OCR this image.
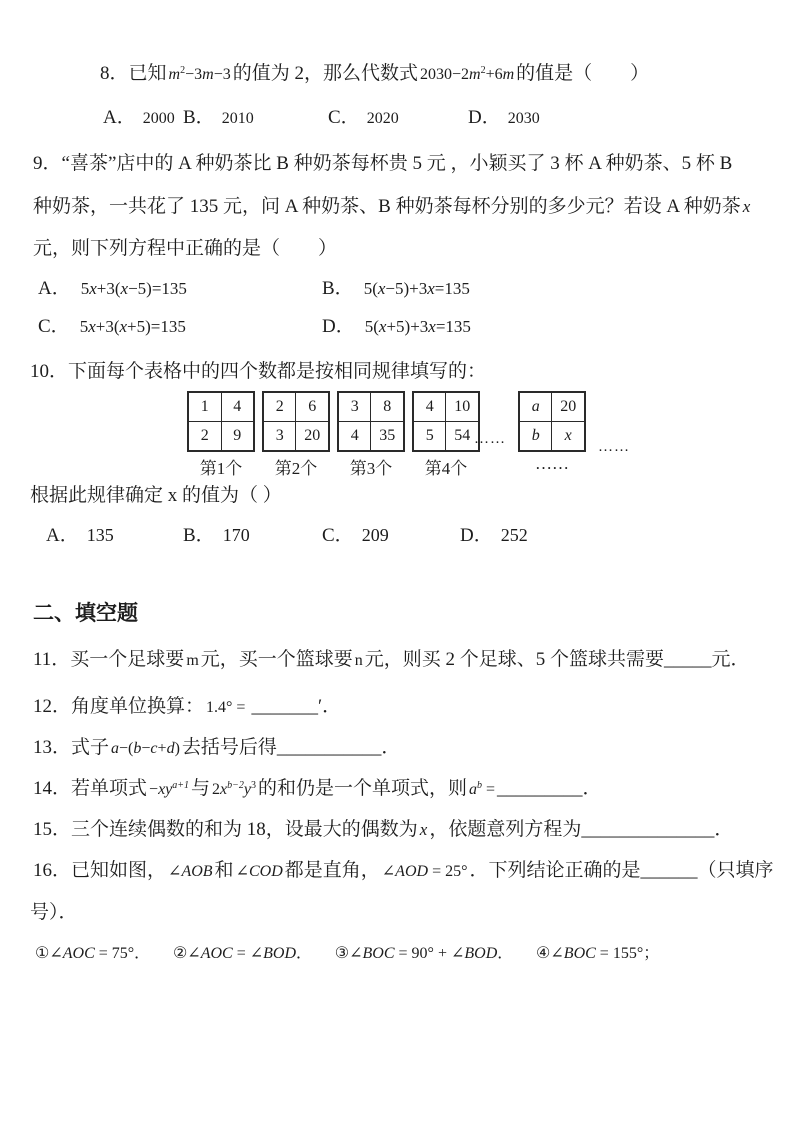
8．已知 $m^2-3m-3$ 的值为 2，那么代数式 $2030-2m^2+6m$ 的值是（　　）
A． 2000 B． 2010	C． 2020	D． 2030
9．“喜茶”店中的 A 种奶茶比 B 种奶茶每杯贵 5 元 ，小颖买了 3 杯 A 种奶茶、5 杯 B
种奶茶，一共花了 135 元，问 A 种奶茶、B 种奶茶每杯分别的多少元？若设 A 种奶茶 x
元，则下列方程中正确的是（　　）
A． 5x+3(x−5)=135	B． 5(x−5)+3x=135
C． 5x+3(x+5)=135	D． 5(x+5)+3x=135
10．下面每个表格中的四个数都是按相同规律填写的：
1	4
2	9
第1个
2	6
3	20
第2个
3	8
4	35
第3个
4	10
5	54
第4个
……
a	20
b	x
……
……
根据此规律确定 x 的值为（ ）
A． 135	B． 170	C． 209	D． 252
二、填空题
11．买一个足球要 m 元，买一个篮球要 n 元，则买 2 个足球、5 个篮球共需要_____元．
12．角度单位换算： 1.4° = _______′．
13．式子 a−(b−c+d) 去括号后得___________．
14．若单项式 $-xy^{a+1}$ 与 $2x^{b-2}y^3$ 的和仍是一个单项式，则 $a^b$ = _________．
15．三个连续偶数的和为 18，设最大的偶数为 x ，依题意列方程为______________．
16．已知如图， ∠AOB 和 ∠COD 都是直角， ∠AOD = 25° ．下列结论正确的是______（只填序
号）．
①∠AOC = 75°． ②∠AOC = ∠BOD． ③∠BOC = 90° + ∠BOD． ④∠BOC = 155°；
